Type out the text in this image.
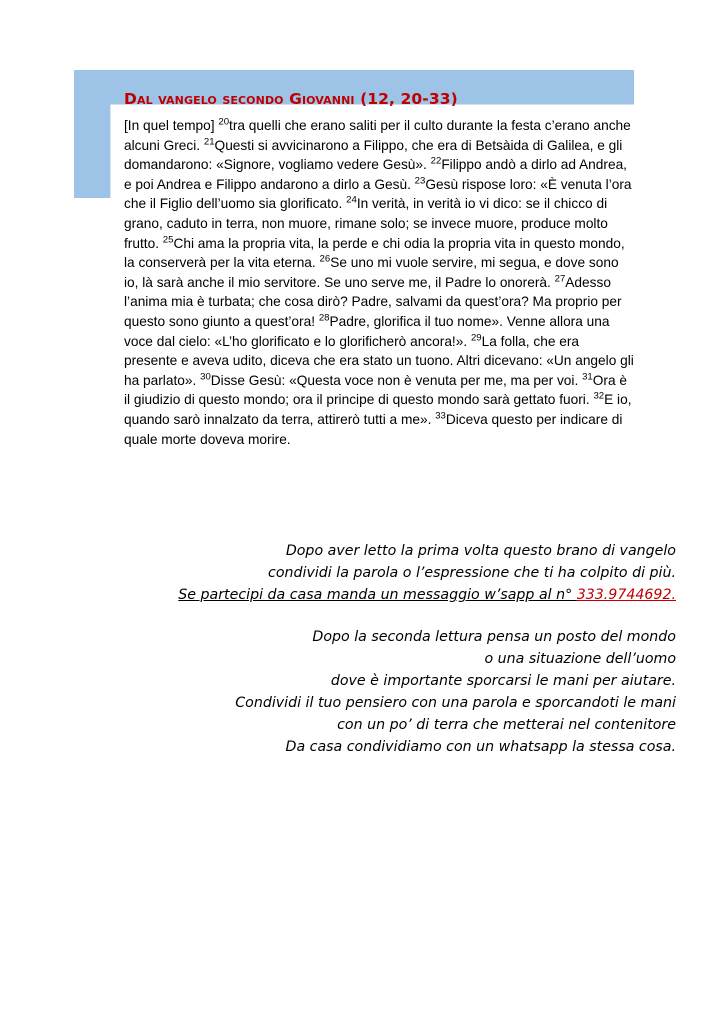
Dal vangelo secondo Giovanni (12, 20-33)
[In quel tempo] $^{20}$tra quelli che erano saliti per il culto durante la festa c’erano anche alcuni Greci. $^{21}$Questi si avvicinarono a Filippo, che era di Betsàida di Galilea, e gli domandarono: «Signore, vogliamo vedere Gesù». $^{22}$Filippo andò a dirlo ad Andrea, e poi Andrea e Filippo andarono a dirlo a Gesù. $^{23}$Gesù rispose loro: «È venuta l’ora che il Figlio dell’uomo sia glorificato. $^{24}$In verità, in verità io vi dico: se il chicco di grano, caduto in terra, non muore, rimane solo; se invece muore, produce molto frutto. $^{25}$Chi ama la propria vita, la perde e chi odia la propria vita in questo mondo, la conserverà per la vita eterna. $^{26}$Se uno mi vuole servire, mi segua, e dove sono io, là sarà anche il mio servitore. Se uno serve me, il Padre lo onorerà. $^{27}$Adesso l’anima mia è turbata; che cosa dirò? Padre, salvami da quest’ora? Ma proprio per questo sono giunto a quest’ora! $^{28}$Padre, glorifica il tuo nome». Venne allora una voce dal cielo: «L’ho glorificato e lo glorificherò ancora!». $^{29}$La folla, che era presente e aveva udito, diceva che era stato un tuono. Altri dicevano: «Un angelo gli ha parlato». $^{30}$Disse Gesù: «Questa voce non è venuta per me, ma per voi. $^{31}$Ora è il giudizio di questo mondo; ora il principe di questo mondo sarà gettato fuori. $^{32}$E io, quando sarò innalzato da terra, attirerò tutti a me». $^{33}$Diceva questo per indicare di quale morte doveva morire.
Dopo aver letto la prima volta questo brano di vangelo
condividi la parola o l’espressione che ti ha colpito di più.
Se partecipi da casa manda un messaggio w’sapp al n° 333.9744692.
Dopo la seconda lettura pensa un posto del mondo
o una situazione dell’uomo
dove è importante sporcarsi le mani per aiutare.
Condividi il tuo pensiero con una parola e sporcandoti le mani
con un po’ di terra che metterai nel contenitore
Da casa condividiamo con un whatsapp la stessa cosa.
